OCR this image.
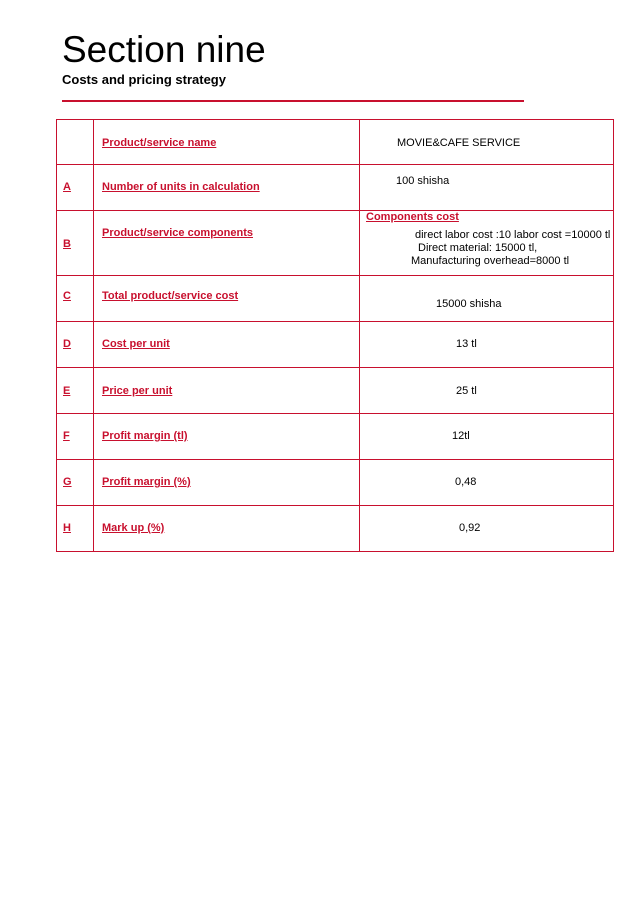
Section nine

Costs and pricing strategy

	Product/service name	MOVIE&CAFE SERVICE

A	Number of units in calculation	100 shisha

B	Product/service components	Components cost
direct labor cost :10 labor cost =10000 tl
Direct material: 15000 tl,
Manufacturing overhead=8000 tl

C	Total product/service cost	15000 shisha

D	Cost per unit	13 tl

E	Price per unit	25 tl

F	Profit margin (tl)	12tl

G	Profit margin (%)	0,48

H	Mark up (%)	0,92
